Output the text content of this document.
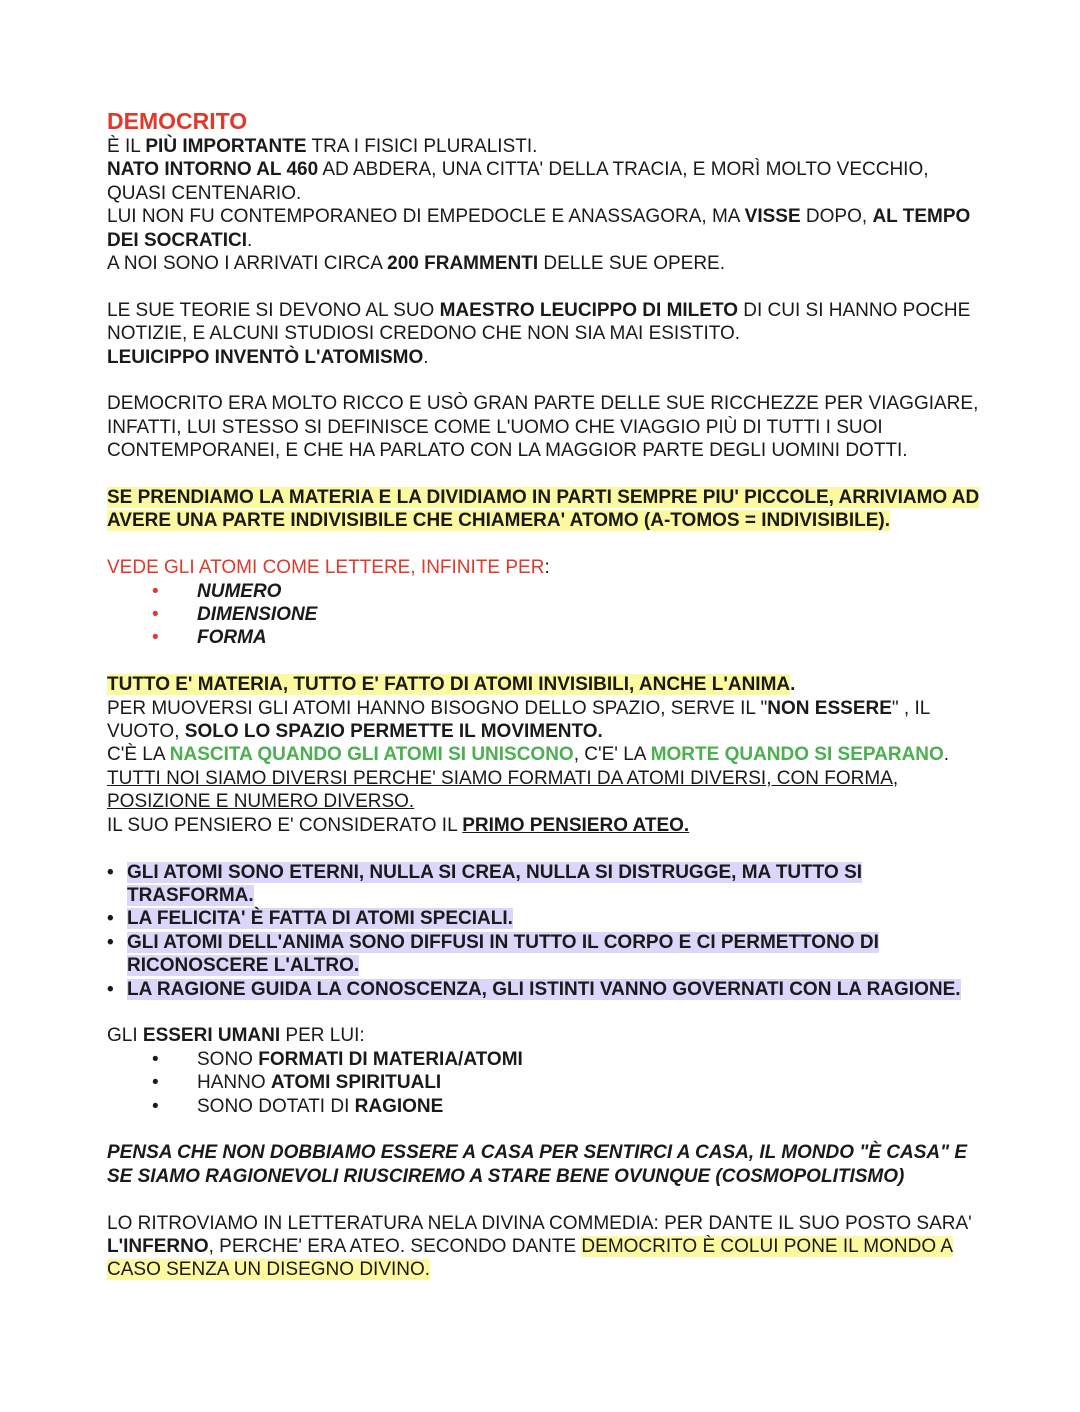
DEMOCRITO

È IL PIÙ IMPORTANTE TRA I FISICI PLURALISTI.

NATO INTORNO AL 460 AD ABDERA, UNA CITTA' DELLA TRACIA, E MORÌ MOLTO VECCHIO, QUASI CENTENARIO.

LUI NON FU CONTEMPORANEO DI EMPEDOCLE E ANASSAGORA, MA VISSE DOPO, AL TEMPO DEI SOCRATICI.

A NOI SONO I ARRIVATI CIRCA 200 FRAMMENTI DELLE SUE OPERE.

LE SUE TEORIE SI DEVONO AL SUO MAESTRO LEUCIPPO DI MILETO DI CUI SI HANNO POCHE NOTIZIE, E ALCUNI STUDIOSI CREDONO CHE NON SIA MAI ESISTITO.

LEUICIPPO INVENTÒ L'ATOMISMO.

DEMOCRITO ERA MOLTO RICCO E USÒ GRAN PARTE DELLE SUE RICCHEZZE PER VIAGGIARE, INFATTI, LUI STESSO SI DEFINISCE COME L'UOMO CHE VIAGGIO PIÙ DI TUTTI I SUOI CONTEMPORANEI, E CHE HA PARLATO CON LA MAGGIOR PARTE DEGLI UOMINI DOTTI.

SE PRENDIAMO LA MATERIA E LA DIVIDIAMO IN PARTI SEMPRE PIU' PICCOLE, ARRIVIAMO AD AVERE UNA PARTE INDIVISIBILE CHE CHIAMERA' ATOMO (A-TOMOS = INDIVISIBILE).

VEDE GLI ATOMI COME LETTERE, INFINITE PER:

•	NUMERO
•	DIMENSIONE
•	FORMA

TUTTO E' MATERIA, TUTTO E' FATTO DI ATOMI INVISIBILI, ANCHE L'ANIMA.

PER MUOVERSI GLI ATOMI HANNO BISOGNO DELLO SPAZIO, SERVE IL "NON ESSERE" , IL VUOTO, SOLO LO SPAZIO PERMETTE IL MOVIMENTO.

C'È LA NASCITA QUANDO GLI ATOMI SI UNISCONO, C'E' LA MORTE QUANDO SI SEPARANO.

TUTTI NOI SIAMO DIVERSI PERCHE' SIAMO FORMATI DA ATOMI DIVERSI, CON FORMA, POSIZIONE E NUMERO DIVERSO.

IL SUO PENSIERO E' CONSIDERATO IL PRIMO PENSIERO ATEO.

• GLI ATOMI SONO ETERNI, NULLA SI CREA, NULLA SI DISTRUGGE, MA TUTTO SI TRASFORMA.
• LA FELICITA' È FATTA DI ATOMI SPECIALI.
• GLI ATOMI DELL'ANIMA SONO DIFFUSI IN TUTTO IL CORPO E CI PERMETTONO DI RICONOSCERE L'ALTRO.
• LA RAGIONE GUIDA LA CONOSCENZA, GLI ISTINTI VANNO GOVERNATI CON LA RAGIONE.

GLI ESSERI UMANI PER LUI:

•	SONO FORMATI DI MATERIA/ATOMI
•	HANNO ATOMI SPIRITUALI
•	SONO DOTATI DI RAGIONE

PENSA CHE NON DOBBIAMO ESSERE A CASA PER SENTIRCI A CASA, IL MONDO "È CASA" E SE SIAMO RAGIONEVOLI RIUSCIREMO A STARE BENE OVUNQUE (COSMOPOLITISMO)

LO RITROVIAMO IN LETTERATURA NELA DIVINA COMMEDIA: PER DANTE IL SUO POSTO SARA' L'INFERNO, PERCHE' ERA ATEO. SECONDO DANTE DEMOCRITO È COLUI PONE IL MONDO A CASO SENZA UN DISEGNO DIVINO.
